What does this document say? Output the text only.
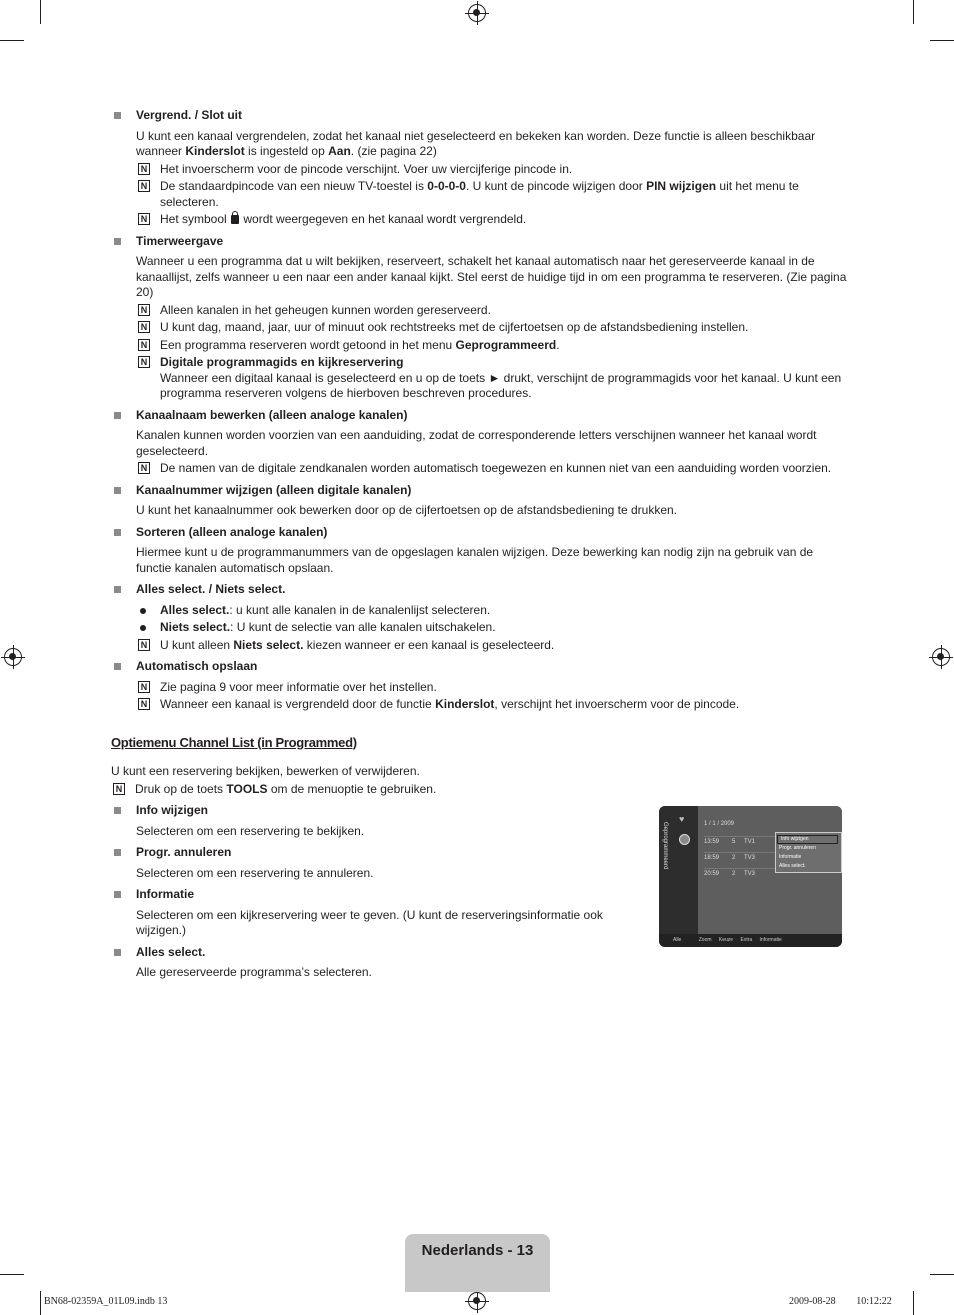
Vergrend. / Slot uit
U kunt een kanaal vergrendelen, zodat het kanaal niet geselecteerd en bekeken kan worden. Deze functie is alleen beschikbaar wanneer Kinderslot is ingesteld op Aan. (zie pagina 22)
N Het invoerscherm voor de pincode verschijnt. Voer uw viercijferige pincode in.
N De standaardpincode van een nieuw TV-toestel is 0-0-0-0. U kunt de pincode wijzigen door PIN wijzigen uit het menu te selecteren.
N Het symbool  wordt weergegeven en het kanaal wordt vergrendeld.
Timerweergave
Wanneer u een programma dat u wilt bekijken, reserveert, schakelt het kanaal automatisch naar het gereserveerde kanaal in de kanaallijst, zelfs wanneer u een naar een ander kanaal kijkt. Stel eerst de huidige tijd in om een programma te reserveren. (Zie pagina 20)
N Alleen kanalen in het geheugen kunnen worden gereserveerd.
N U kunt dag, maand, jaar, uur of minuut ook rechtstreeks met de cijfertoetsen op de afstandsbediening instellen.
N Een programma reserveren wordt getoond in het menu Geprogrammeerd.
N Digitale programmagids en kijkreservering
Wanneer een digitaal kanaal is geselecteerd en u op de toets ► drukt, verschijnt de programmagids voor het kanaal. U kunt een programma reserveren volgens de hierboven beschreven procedures.
Kanaalnaam bewerken (alleen analoge kanalen)
Kanalen kunnen worden voorzien van een aanduiding, zodat de corresponderende letters verschijnen wanneer het kanaal wordt geselecteerd.
N De namen van de digitale zendkanalen worden automatisch toegewezen en kunnen niet van een aanduiding worden voorzien.
Kanaalnummer wijzigen (alleen digitale kanalen)
U kunt het kanaalnummer ook bewerken door op de cijfertoetsen op de afstandsbediening te drukken.
Sorteren (alleen analoge kanalen)
Hiermee kunt u de programmanummers van de opgeslagen kanalen wijzigen. Deze bewerking kan nodig zijn na gebruik van de functie kanalen automatisch opslaan.
Alles select. / Niets select.
Alles select.: u kunt alle kanalen in de kanalenlijst selecteren.
Niets select.: U kunt de selectie van alle kanalen uitschakelen.
N U kunt alleen Niets select. kiezen wanneer er een kanaal is geselecteerd.
Automatisch opslaan
N Zie pagina 9 voor meer informatie over het instellen.
N Wanneer een kanaal is vergrendeld door de functie Kinderslot, verschijnt het invoerscherm voor de pincode.
Optiemenu Channel List (in Programmed)
U kunt een reservering bekijken, bewerken of verwijderen.
N Druk op de toets TOOLS om de menuoptie te gebruiken.
Info wijzigen
Selecteren om een reservering te bekijken.
Progr. annuleren
Selecteren om een reservering te annuleren.
Informatie
Selecteren om een kijkreservering weer te geven. (U kunt de reserveringsinformatie ook wijzigen.)
Alles select.
Alle gereserveerde programma’s selecteren.
Geprogrammeerd
♥	1 / 1 / 2009
13:59 5 TV1
18:59 2 TV3
20:59 2 TV3
Info wijzigen
Progr. annuleren
Informatie
Alles select.
Alle	Zoom Keuze Extra Informatie
Nederlands - 13
BN68-02359A_01L09.indb 13	2009-08-28 ￿￿ 10:12:22
